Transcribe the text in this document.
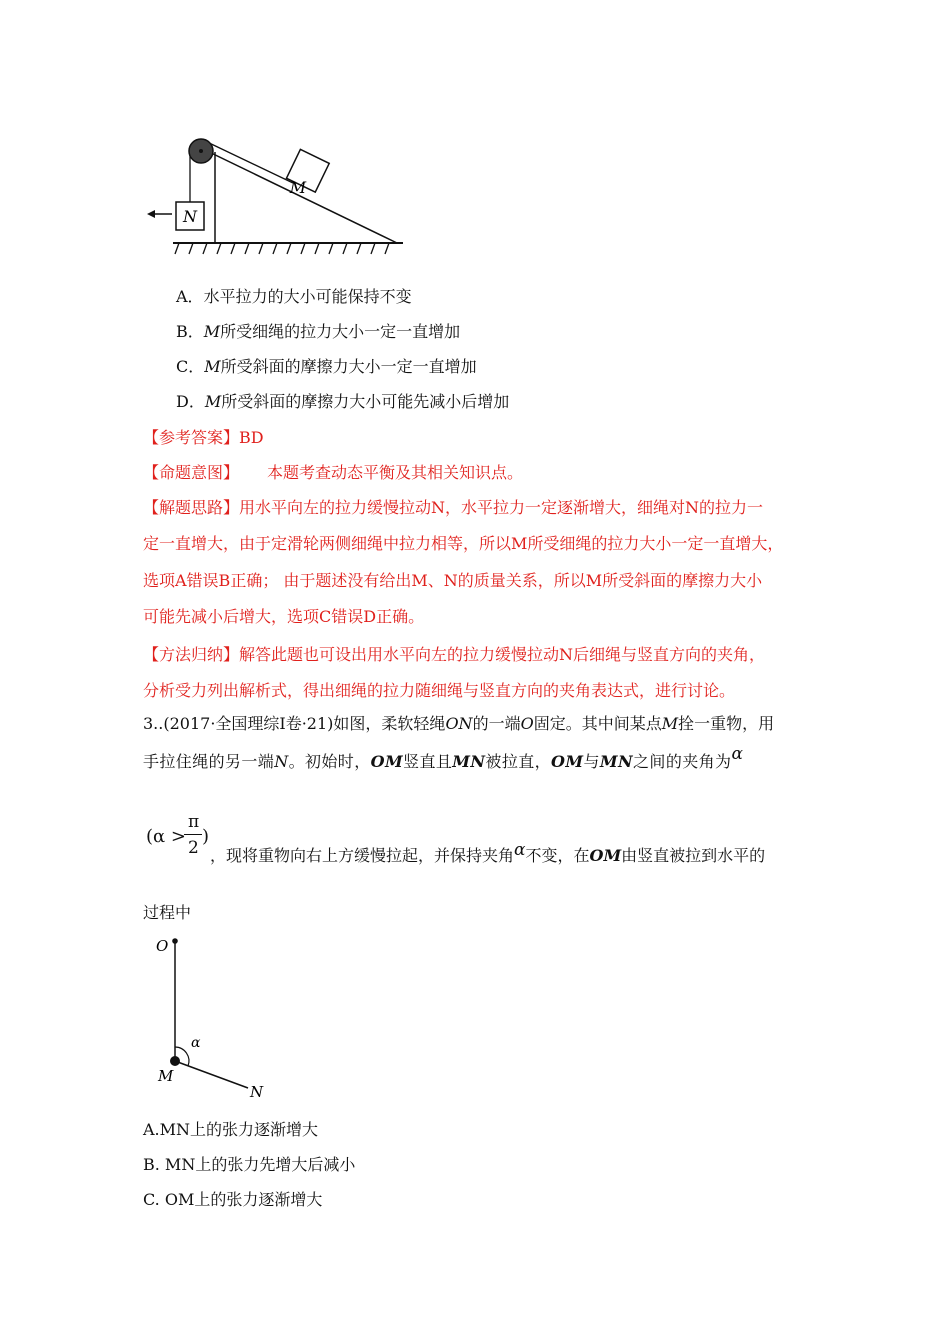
M
N
A．水平拉力的大小可能保持不变
B．M所受细绳的拉力大小一定一直增加
C．M所受斜面的摩擦力大小一定一直增加
D．M所受斜面的摩擦力大小可能先减小后增加
【参考答案】BD
【命题意图】 本题考查动态平衡及其相关知识点。
【解题思路】用水平向左的拉力缓慢拉动N，水平拉力一定逐渐增大，细绳对N的拉力一
定一直增大，由于定滑轮两侧细绳中拉力相等，所以M所受细绳的拉力大小一定一直增大，
选项A错误B正确； 由于题述没有给出M、N的质量关系，所以M所受斜面的摩擦力大小
可能先减小后增大，选项C错误D正确。
【方法归纳】解答此题也可设出用水平向左的拉力缓慢拉动N后细绳与竖直方向的夹角，
分析受力列出解析式，得出细绳的拉力随细绳与竖直方向的夹角表达式，进行讨论。
3..(2017·全国理综Ⅰ卷·21)如图，柔软轻绳ON的一端O固定。其中间某点M拴一重物，用
手拉住绳的另一端N。初始时，OM竖直且MN被拉直，OM与MN之间的夹角为α
(α >
π
2
)
，现将重物向右上方缓慢拉起，并保持夹角α不变，在OM由竖直被拉到水平的
过程中
O
α
M
N
A.MN上的张力逐渐增大
B. MN上的张力先增大后减小
C. OM上的张力逐渐增大
